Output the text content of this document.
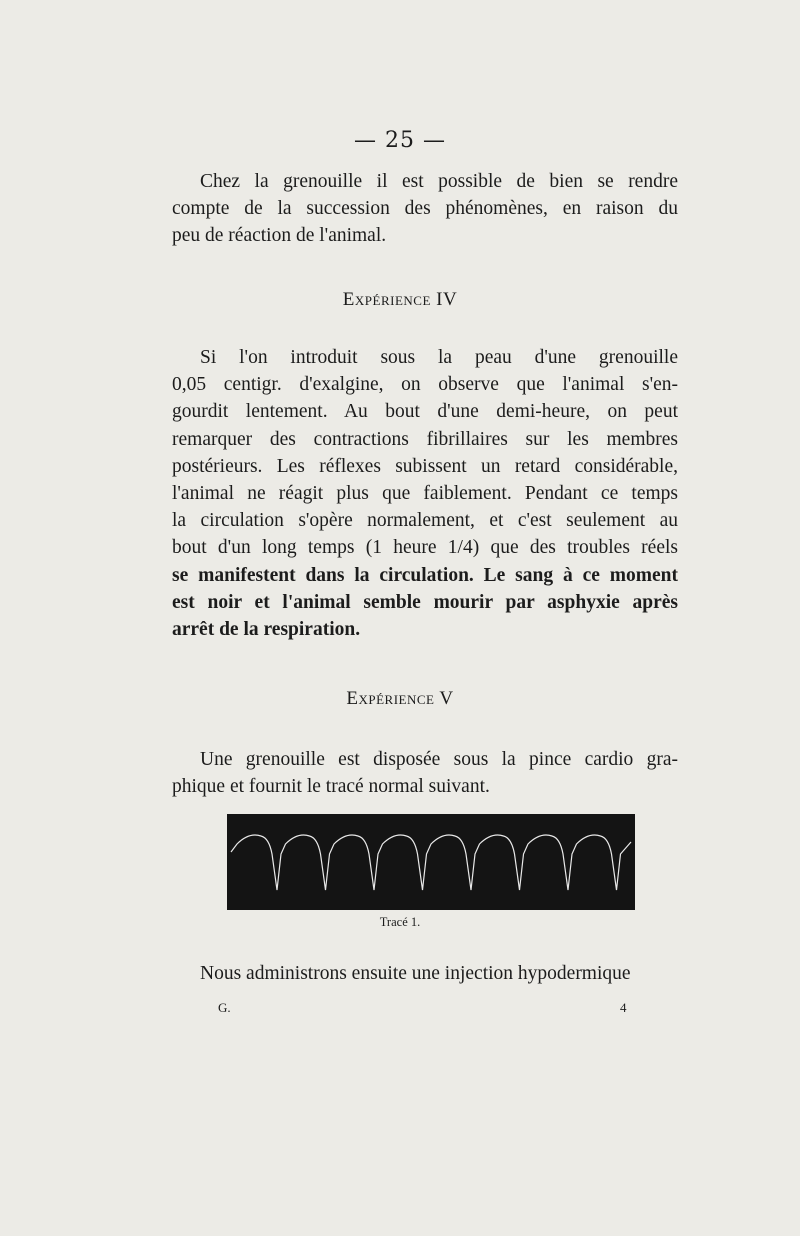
— 25 —
Chez la grenouille il est possible de bien se rendre
compte de la succession des phénomènes, en raison du
peu de réaction de l'animal.
Expérience IV
Si l'on introduit sous la peau d'une grenouille
0,05 centigr. d'exalgine, on observe que l'animal s'en-
gourdit lentement. Au bout d'une demi-heure, on peut
remarquer des contractions fibrillaires sur les membres
postérieurs. Les réflexes subissent un retard considérable,
l'animal ne réagit plus que faiblement. Pendant ce temps
la circulation s'opère normalement, et c'est seulement au
bout d'un long temps (1 heure 1/4) que des troubles réels
se manifestent dans la circulation. Le sang à ce moment
est noir et l'animal semble mourir par asphyxie après
arrêt de la respiration.
Expérience V
Une grenouille est disposée sous la pince cardio gra-
phique et fournit le tracé normal suivant.
Tracé 1.
Nous administrons ensuite une injection hypodermique
G.	4
